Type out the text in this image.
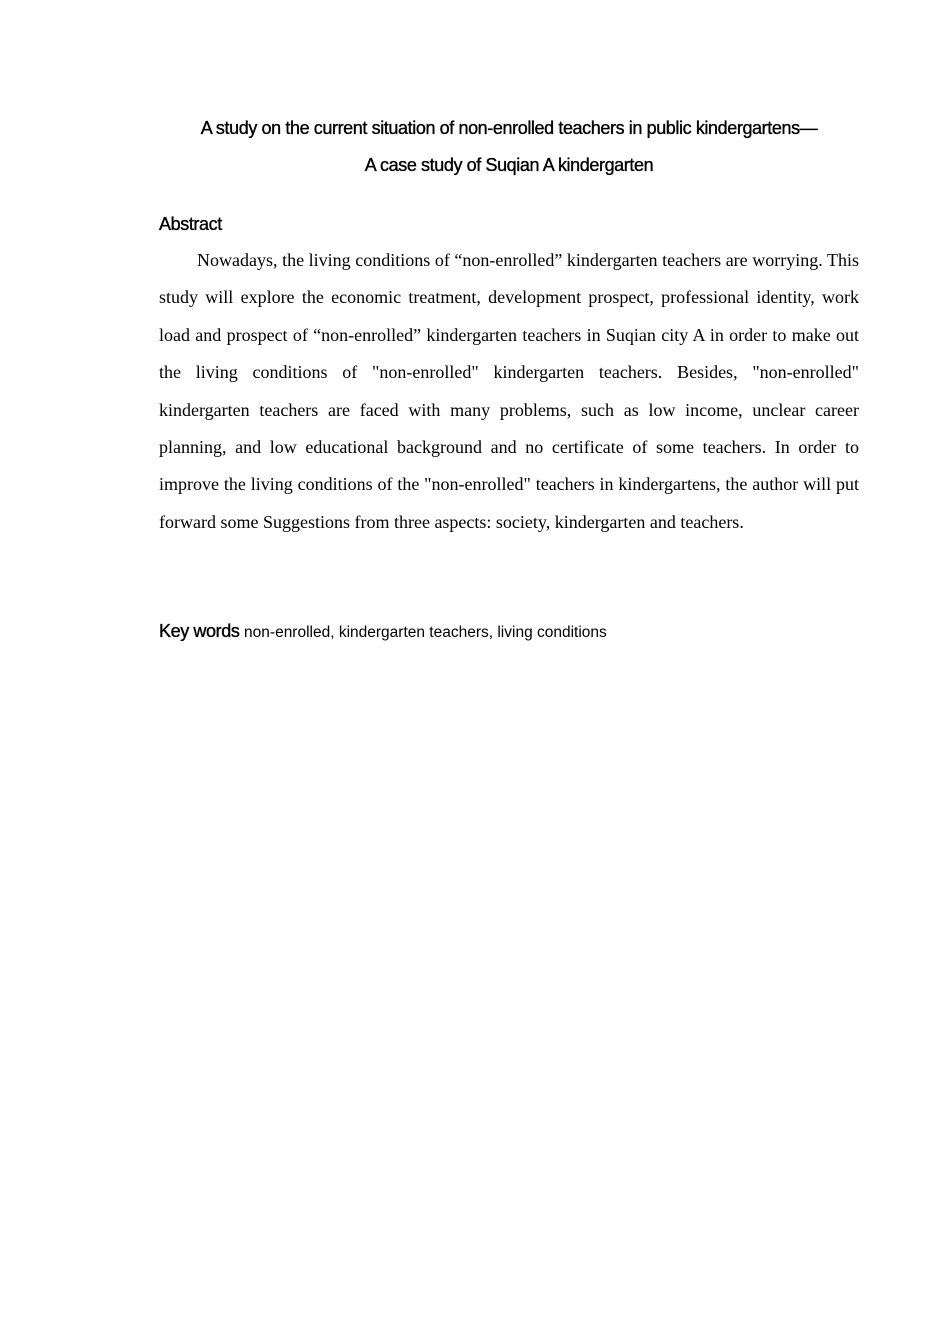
A study on the current situation of non-enrolled teachers in public kindergartens—
A case study of Suqian A kindergarten
Abstract

Nowadays, the living conditions of “non-enrolled” kindergarten teachers are worrying. This study will explore the economic treatment, development prospect, professional identity, work load and prospect of “non-enrolled” kindergarten teachers in Suqian city A in order to make out the living conditions of "non-enrolled" kindergarten teachers. Besides, "non-enrolled" kindergarten teachers are faced with many problems, such as low income, unclear career planning, and low educational background and no certificate of some teachers. In order to improve the living conditions of the "non-enrolled" teachers in kindergartens, the author will put forward some Suggestions from three aspects: society, kindergarten and teachers.

Key words non-enrolled, kindergarten teachers, living conditions
